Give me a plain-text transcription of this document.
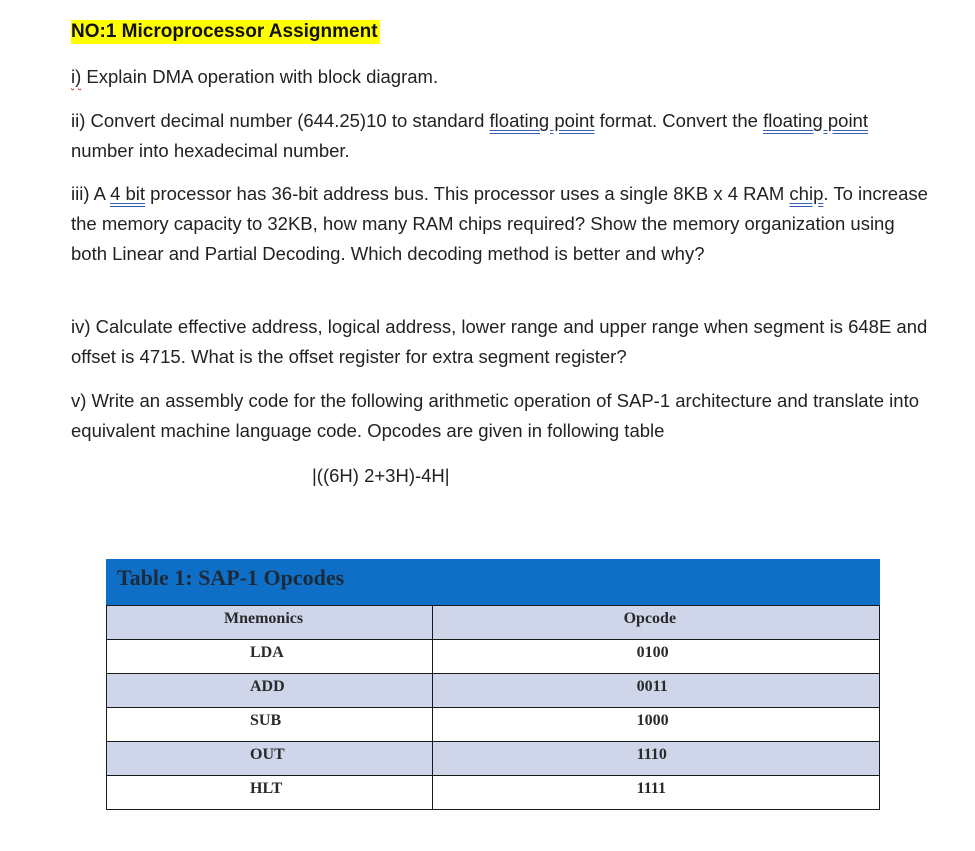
NO:1 Microprocessor Assignment

i) Explain DMA operation with block diagram.

ii) Convert decimal number (644.25)10 to standard floating point format. Convert the floating point number into hexadecimal number.

iii) A 4 bit processor has 36-bit address bus. This processor uses a single 8KB x 4 RAM chip. To increase the memory capacity to 32KB, how many RAM chips required? Show the memory organization using both Linear and Partial Decoding. Which decoding method is better and why?

iv) Calculate effective address, logical address, lower range and upper range when segment is 648E and offset is 4715. What is the offset register for extra segment register?

v) Write an assembly code for the following arithmetic operation of SAP-1 architecture and translate into equivalent machine language code. Opcodes are given in following table

|((6H) 2+3H)-4H|
Table 1: SAP-1 Opcodes
Mnemonics	Opcode
LDA	0100
ADD	0011
SUB	1000
OUT	1110
HLT	1111
